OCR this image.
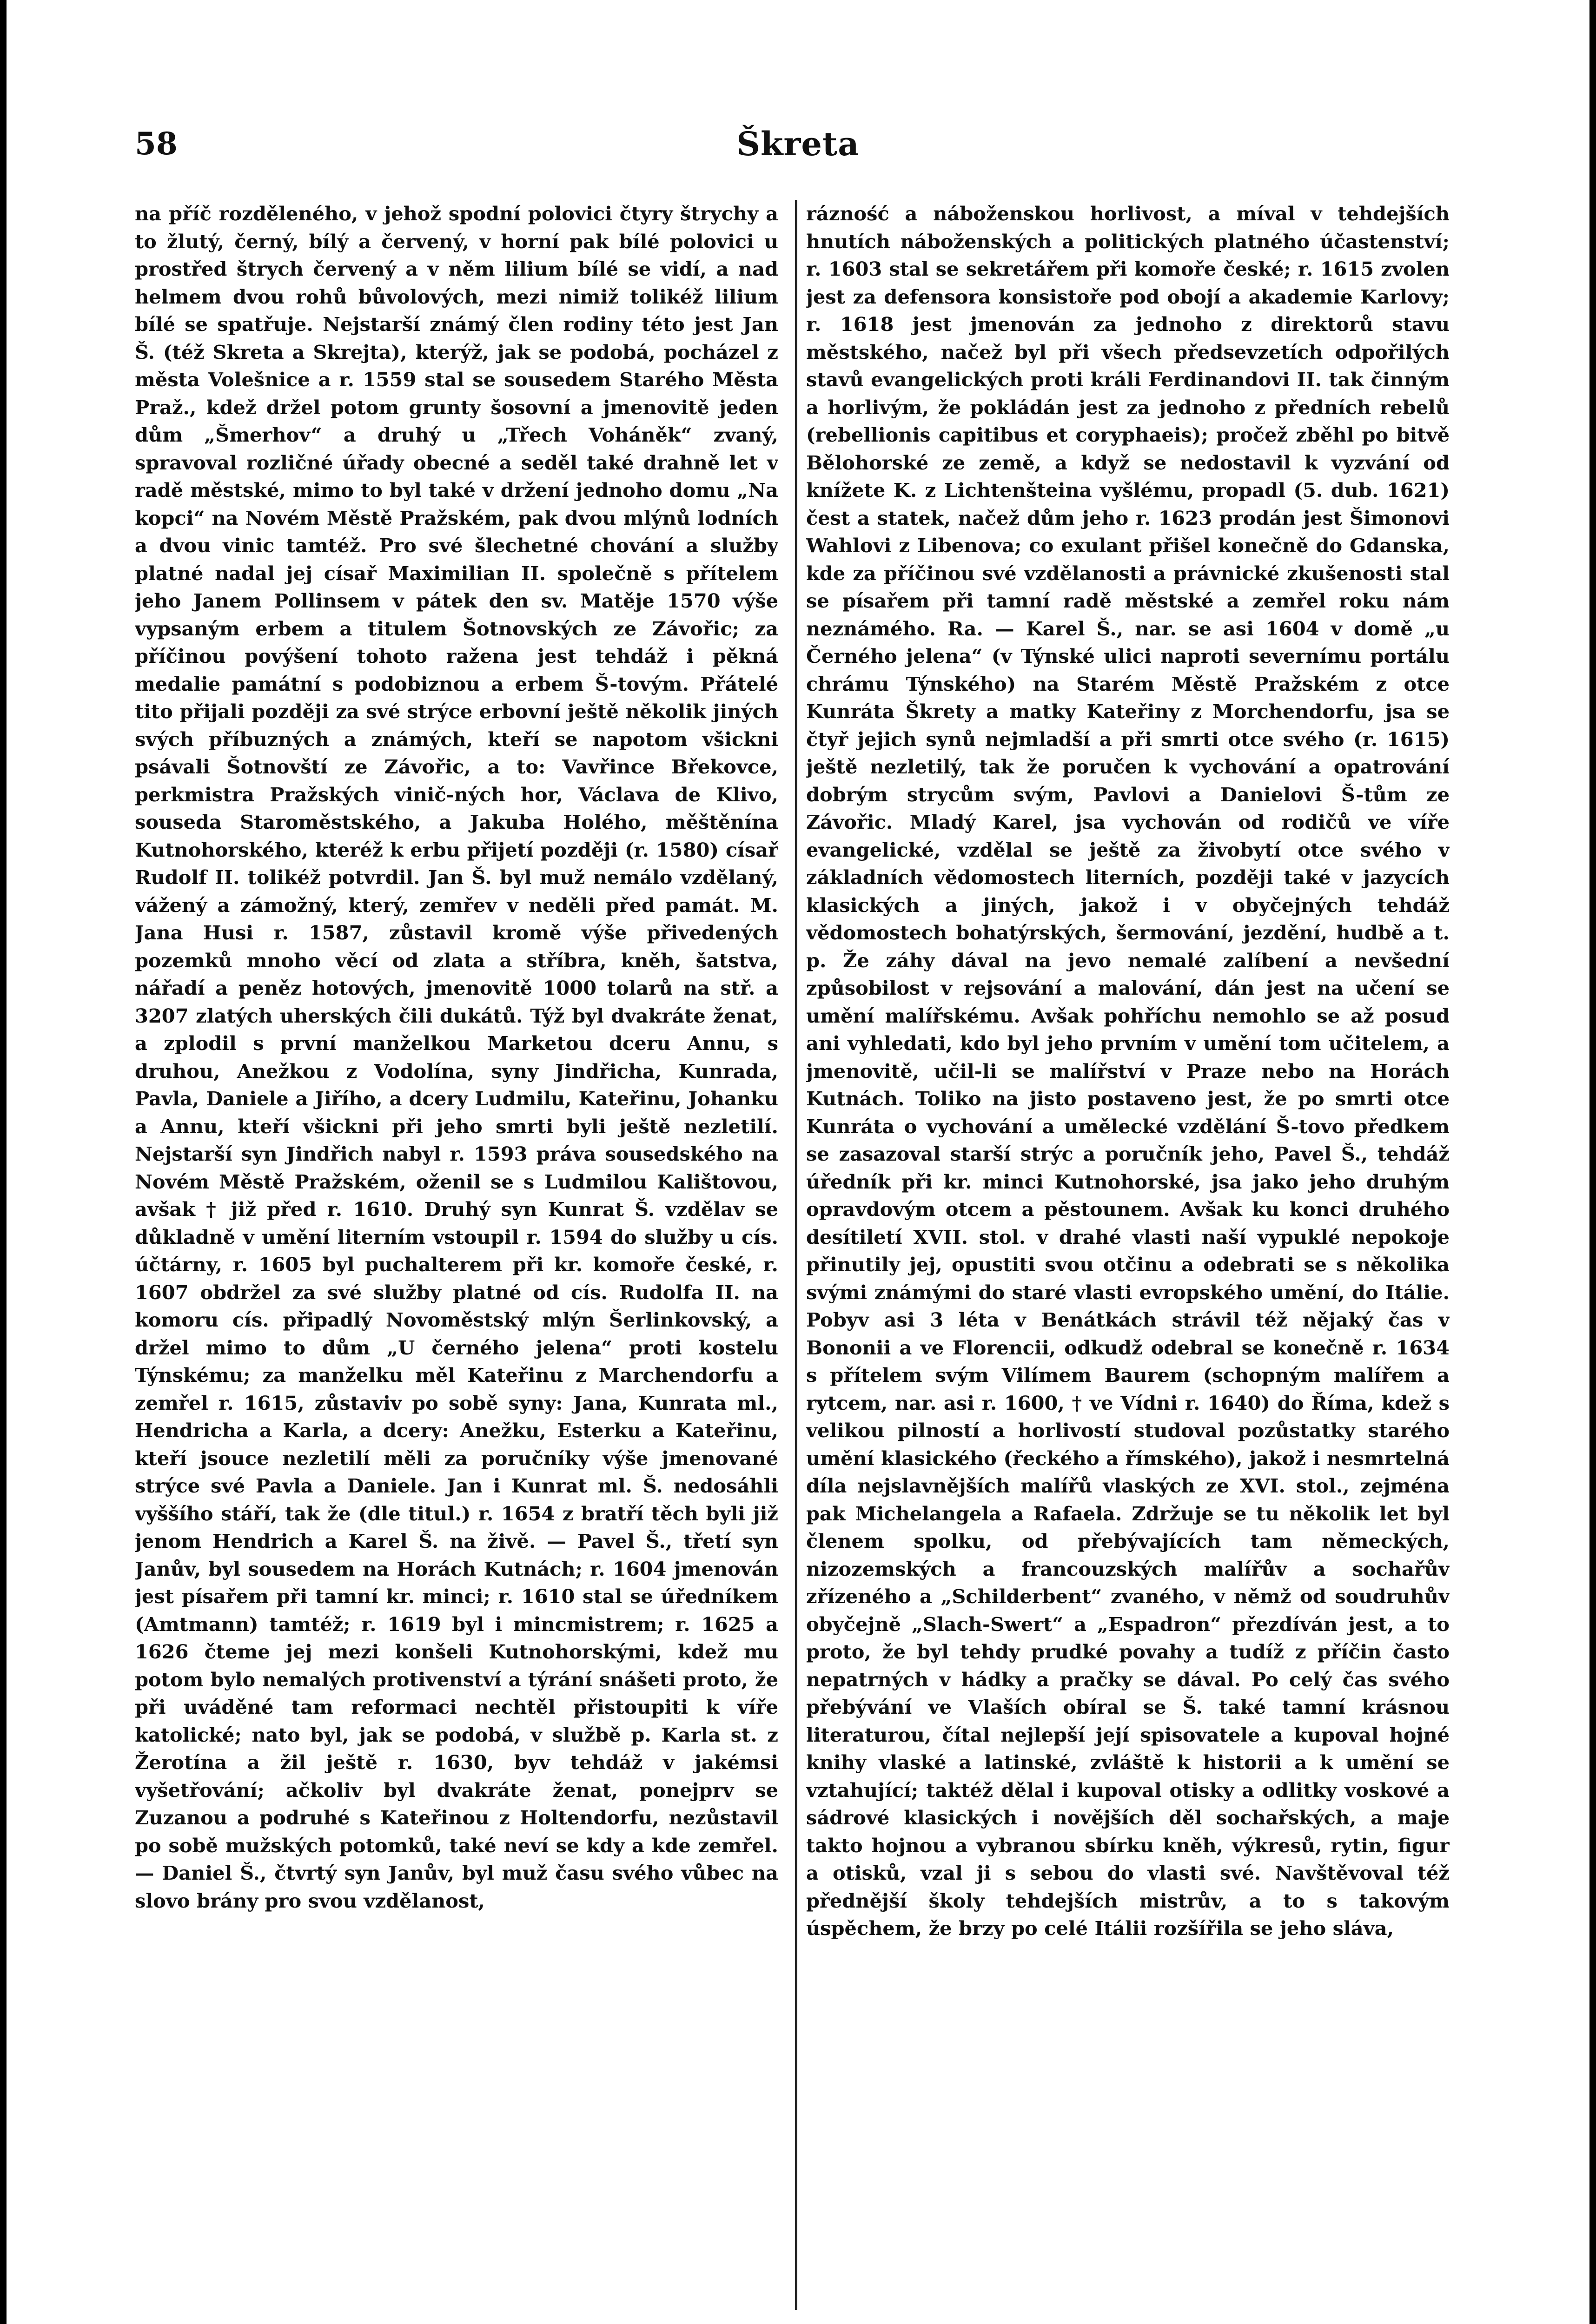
58	Škreta

na příč rozděleného, v jehož spodní polovici čtyry štrychy a to žlutý, černý, bílý a červený, v horní pak bílé polovici u prostřed štrych červený a v něm lilium bílé se vidí, a nad helmem dvou rohů bůvolových, mezi nimiž tolikéž lilium bílé se spatřuje. Nejstarší známý člen rodiny této jest Jan Š. (též Skreta a Skrejta), kterýž, jak se podobá, pocházel z města Volešnice a r. 1559 stal se sousedem Starého Města Praž., kdež držel potom grunty šosovní a jmenovitě jeden dům „Šmerhov“ a druhý u „Třech Voháněk“ zvaný, spravoval rozličné úřady obecné a seděl také drahně let v radě městské, mimo to byl také v držení jednoho domu „Na kopci“ na Novém Městě Pražském, pak dvou mlýnů lodních a dvou vinic tamtéž. Pro své šlechetné chování a služby platné nadal jej císař Maximilian II. společně s přítelem jeho Janem Pollinsem v pátek den sv. Matěje 1570 výše vypsaným erbem a titulem Šotnovských ze Závořic; za příčinou povýšení tohoto ražena jest tehdáž i pěkná medalie památní s podobiznou a erbem Š-tovým. Přátelé tito přijali později za své strýce erbovní ještě několik jiných svých příbuzných a známých, kteří se napotom všickni psávali Šotnovští ze Závořic, a to: Vavřince Břekovce, perkmistra Pražských vinič-ných hor, Václava de Klivo, souseda Staroměstského, a Jakuba Holého, měštěnína Kutnohorského, kteréž k erbu přijetí později (r. 1580) císař Rudolf II. tolikéž potvrdil. Jan Š. byl muž nemálo vzdělaný, vážený a zámožný, který, zemřev v neděli před památ. M. Jana Husi r. 1587, zůstavil kromě výše přivedených pozemků mnoho věcí od zlata a stříbra, kněh, šatstva, nářadí a peněz hotových, jmenovitě 1000 tolarů na stř. a 3207 zlatých uherských čili dukátů. Týž byl dvakráte ženat, a zplodil s první manželkou Marketou dceru Annu, s druhou, Anežkou z Vodolína, syny Jindřicha, Kunrada, Pavla, Daniele a Jiřího, a dcery Ludmilu, Kateřinu, Johanku a Annu, kteří všickni při jeho smrti byli ještě nezletilí. Nejstarší syn Jindřich nabyl r. 1593 práva sousedského na Novém Městě Pražském, oženil se s Ludmilou Kalištovou, avšak † již před r. 1610. Druhý syn Kunrat Š. vzdělav se důkladně v umění literním vstoupil r. 1594 do služby u cís. účtárny, r. 1605 byl puchalterem při kr. komoře české, r. 1607 obdržel za své služby platné od cís. Rudolfa II. na komoru cís. připadlý Novoměstský mlýn Šerlinkovský, a držel mimo to dům „U černého jelena“ proti kostelu Týnskému; za manželku měl Kateřinu z Marchendorfu a zemřel r. 1615, zůstaviv po sobě syny: Jana, Kunrata ml., Hendricha a Karla, a dcery: Anežku, Esterku a Kateřinu, kteří jsouce nezletilí měli za poručníky výše jmenované strýce své Pavla a Daniele. Jan i Kunrat ml. Š. nedosáhli vyššího stáří, tak že (dle titul.) r. 1654 z bratří těch byli již jenom Hendrich a Karel Š. na živě. — Pavel Š., třetí syn Janův, byl sousedem na Horách Kutnách; r. 1604 jmenován jest písařem při tamní kr. minci; r. 1610 stal se úředníkem (Amtmann) tamtéž; r. 1619 byl i mincmistrem; r. 1625 a 1626 čteme jej mezi konšeli Kutnohorskými, kdež mu potom bylo nemalých protivenství a týrání snášeti proto, že při uváděné tam reformaci nechtěl přistoupiti k víře katolické; nato byl, jak se podobá, v službě p. Karla st. z Žerotína a žil ještě r. 1630, byv tehdáž v jakémsi vyšetřování; ačkoliv byl dvakráte ženat, ponejprv se Zuzanou a podruhé s Kateřinou z Holtendorfu, nezůstavil po sobě mužských potomků, také neví se kdy a kde zemřel. — Daniel Š., čtvrtý syn Janův, byl muž času svého vůbec na slovo brány pro svou vzdělanost,

rázność a náboženskou horlivost, a míval v tehdejších hnutích náboženských a politických platného účastenství; r. 1603 stal se sekretářem při komoře české; r. 1615 zvolen jest za defensora konsistoře pod obojí a akademie Karlovy; r. 1618 jest jmenován za jednoho z direktorů stavu městského, načež byl při všech předsevzetích odpořilých stavů evangelických proti králi Ferdinandovi II. tak činným a horlivým, že pokládán jest za jednoho z předních rebelů (rebellionis capitibus et coryphaeis); pročež zběhl po bitvě Bělohorské ze země, a když se nedostavil k vyzvání od knížete K. z Lichtenšteina vyšlému, propadl (5. dub. 1621) čest a statek, načež dům jeho r. 1623 prodán jest Šimonovi Wahlovi z Libenova; co exulant přišel konečně do Gdanska, kde za příčinou své vzdělanosti a právnické zkušenosti stal se písařem při tamní radě městské a zemřel roku nám neznámého. Ra. — Karel Š., nar. se asi 1604 v domě „u Černého jelena“ (v Týnské ulici naproti severnímu portálu chrámu Týnského) na Starém Městě Pražském z otce Kunráta Škrety a matky Kateřiny z Morchendorfu, jsa se čtyř jejich synů nejmladší a při smrti otce svého (r. 1615) ještě nezletilý, tak že poručen k vychování a opatrování dobrým strycům svým, Pavlovi a Danielovi Š-tům ze Závořic. Mladý Karel, jsa vychován od rodičů ve víře evangelické, vzdělal se ještě za živobytí otce svého v základních vědomostech literních, později také v jazycích klasických a jiných, jakož i v obyčejných tehdáž vědomostech bohatýrských, šermování, jezdění, hudbě a t. p. Že záhy dával na jevo nemalé zalíbení a nevšední způsobilost v rejsování a malování, dán jest na učení se umění malířskému. Avšak pohříchu nemohlo se až posud ani vyhledati, kdo byl jeho prvním v umění tom učitelem, a jmenovitě, učil-li se malířství v Praze nebo na Horách Kutnách. Toliko na jisto postaveno jest, že po smrti otce Kunráta o vychování a umělecké vzdělání Š-tovo předkem se zasazoval starší strýc a poručník jeho, Pavel Š., tehdáž úředník při kr. minci Kutnohorské, jsa jako jeho druhým opravdovým otcem a pěstounem. Avšak ku konci druhého desítiletí XVII. stol. v drahé vlasti naší vypuklé nepokoje přinutily jej, opustiti svou otčinu a odebrati se s několika svými známými do staré vlasti evropského umění, do Itálie. Pobyv asi 3 léta v Benátkách strávil též nějaký čas v Bononii a ve Florencii, odkudž odebral se konečně r. 1634 s přítelem svým Vilímem Baurem (schopným malířem a rytcem, nar. asi r. 1600, † ve Vídni r. 1640) do Říma, kdež s velikou pilností a horlivostí studoval pozůstatky starého umění klasického (řeckého a římského), jakož i nesmrtelná díla nejslavnějších malířů vlaských ze XVI. stol., zejména pak Michelangela a Rafaela. Zdržuje se tu několik let byl členem spolku, od přebývajících tam německých, nizozemských a francouzských malířův a sochařův zřízeného a „Schilderbent“ zvaného, v němž od soudruhův obyčejně „Slach-Swert“ a „Espadron“ přezdíván jest, a to proto, že byl tehdy prudké povahy a tudíž z příčin často nepatrných v hádky a pračky se dával. Po celý čas svého přebývání ve Vlaších obíral se Š. také tamní krásnou literaturou, čítal nejlepší její spisovatele a kupoval hojné knihy vlaské a latinské, zvláště k historii a k umění se vztahující; taktéž dělal i kupoval otisky a odlitky voskové a sádrové klasických i novějších děl sochařských, a maje takto hojnou a vybranou sbírku kněh, výkresů, rytin, figur a otisků, vzal ji s sebou do vlasti své. Navštěvoval též přednější školy tehdejších mistrův, a to s takovým úspěchem, že brzy po celé Itálii rozšířila se jeho sláva,
